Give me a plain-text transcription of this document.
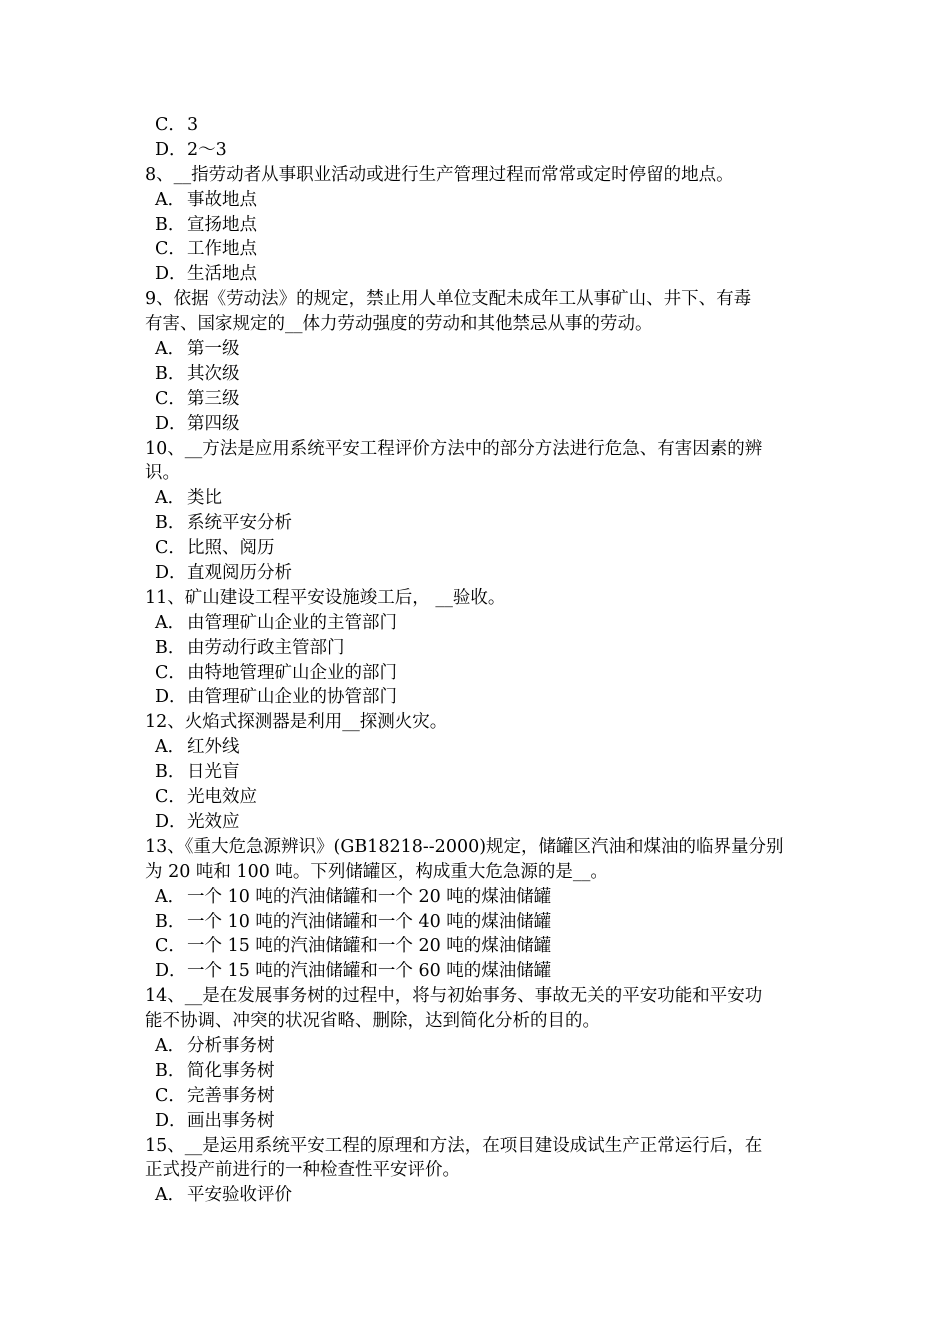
C．3
D．2～3
8、__指劳动者从事职业活动或进行生产管理过程而常常或定时停留的地点。
A． 事故地点
B．宣扬地点
C．工作地点
D．生活地点
9、依据《劳动法》的规定，禁止用人单位支配未成年工从事矿山、井下、有毒
有害、国家规定的__体力劳动强度的劳动和其他禁忌从事的劳动。
A． 第一级
B．其次级
C．第三级
D．第四级
10、__方法是应用系统平安工程评价方法中的部分方法进行危急、有害因素的辨
识。
A． 类比
B．系统平安分析
C．比照、阅历
D．直观阅历分析
11、矿山建设工程平安设施竣工后， __验收。
A． 由管理矿山企业的主管部门
B．由劳动行政主管部门
C．由特地管理矿山企业的部门
D．由管理矿山企业的协管部门
12、火焰式探测器是利用__探测火灾。
A． 红外线
B．日光盲
C．光电效应
D．光效应
13、《重大危急源辨识》(GB18218--2000)规定，储罐区汽油和煤油的临界量分别
为 20 吨和 100 吨。下列储罐区，构成重大危急源的是__。
A． 一个 10 吨的汽油储罐和一个 20 吨的煤油储罐
B．一个 10 吨的汽油储罐和一个 40 吨的煤油储罐
C．一个 15 吨的汽油储罐和一个 20 吨的煤油储罐
D．一个 15 吨的汽油储罐和一个 60 吨的煤油储罐
14、__是在发展事务树的过程中，将与初始事务、事故无关的平安功能和平安功
能不协调、冲突的状况省略、删除，达到简化分析的目的。
A． 分析事务树
B．简化事务树
C．完善事务树
D．画出事务树
15、__是运用系统平安工程的原理和方法，在项目建设成试生产正常运行后，在
正式投产前进行的一种检查性平安评价。
A． 平安验收评价
